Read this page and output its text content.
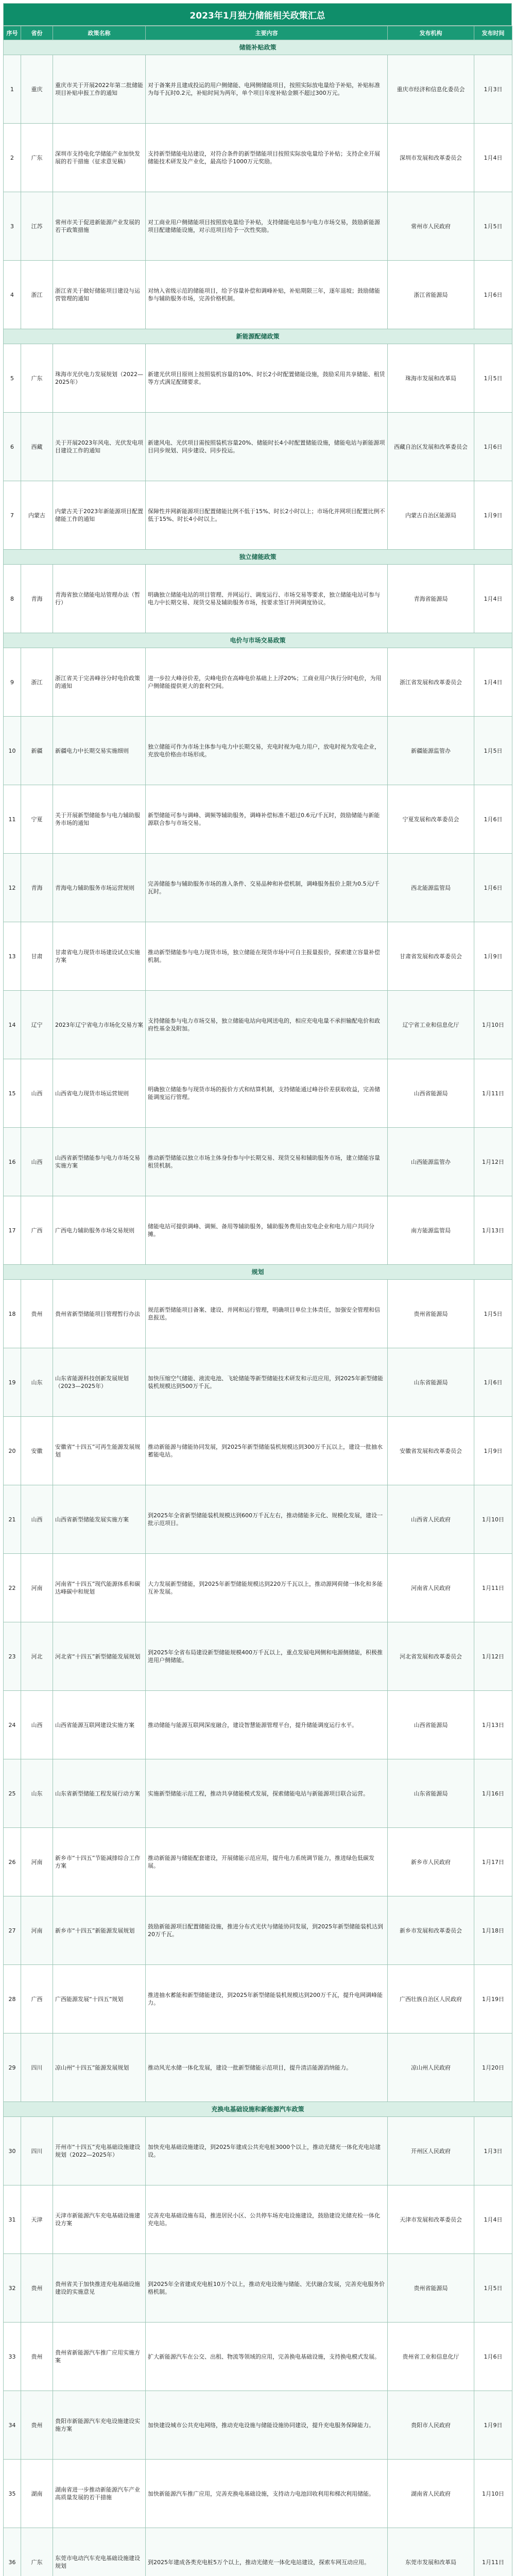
2023年1月独力储能相关政策汇总
序号	省份	政策名称	主要内容	发布机构	发布时间
储能补贴政策					
1	重庆	重庆市关于开展2022年第二批储能项目补贴申报工作的通知	对于备案并且建成投运的用户侧储能、电网侧储能项目，按照实际放电量给予补贴，补贴标准为每千瓦时0.2元，补贴时间为两年，单个项目年度补贴金额不超过300万元。	重庆市经济和信息化委员会	1月3日
2	广东	深圳市支持电化学储能产业加快发展的若干措施（征求意见稿）	支持新型储能电站建设，对符合条件的新型储能项目按照实际放电量给予补贴；支持企业开展储能技术研发及产业化，最高给予1000万元奖励。	深圳市发展和改革委员会	1月4日
3	江苏	常州市关于促进新能源产业发展的若干政策措施	对工商业用户侧储能项目按照放电量给予补贴，支持储能电站参与电力市场交易，鼓励新能源项目配建储能设施，对示范项目给予一次性奖励。	常州市人民政府	1月5日
4	浙江	浙江省关于做好储能项目建设与运营管理的通知	对纳入省级示范的储能项目，给予容量补偿和调峰补贴，补贴期限三年，逐年退坡；鼓励储能参与辅助服务市场，完善价格机制。	浙江省能源局	1月6日
新能源配储政策					
5	广东	珠海市光伏电力发展规划（2022—2025年）	新建光伏项目原则上按照装机容量的10%、时长2小时配置储能设施，鼓励采用共享储能、租赁等方式满足配储要求。	珠海市发展和改革局	1月5日
6	西藏	关于开展2023年风电、光伏发电项目建设工作的通知	新建风电、光伏项目需按照装机容量20%、储能时长4小时配置储能设施，储能电站与新能源项目同步规划、同步建设、同步投运。	西藏自治区发展和改革委员会	1月6日
7	内蒙古	内蒙古关于2023年新能源项目配置储能工作的通知	保障性并网新能源项目配置储能比例不低于15%、时长2小时以上；市场化并网项目配置比例不低于15%、时长4小时以上。	内蒙古自治区能源局	1月9日
独立储能政策					
8	青海	青海省独立储能电站管理办法（暂行）	明确独立储能电站的项目管理、并网运行、调度运行、市场交易等要求，独立储能电站可参与电力中长期交易、现货交易及辅助服务市场，按要求签订并网调度协议。	青海省能源局	1月4日
电价与市场交易政策					
9	浙江	浙江省关于完善峰谷分时电价政策的通知	进一步拉大峰谷价差，尖峰电价在高峰电价基础上上浮20%；工商业用户执行分时电价，为用户侧储能提供更大的套利空间。	浙江省发展和改革委员会	1月4日
10	新疆	新疆电力中长期交易实施细则	独立储能可作为市场主体参与电力中长期交易，充电时视为电力用户，放电时视为发电企业，充放电价格由市场形成。	新疆能源监管办	1月5日
11	宁夏	关于开展新型储能参与电力辅助服务市场的通知	新型储能可参与调峰、调频等辅助服务，调峰补偿标准不超过0.6元/千瓦时，鼓励储能与新能源联合参与市场交易。	宁夏发展和改革委员会	1月6日
12	青海	青海电力辅助服务市场运营规则	完善储能参与辅助服务市场的准入条件、交易品种和补偿机制，调峰服务报价上限为0.5元/千瓦时。	西北能源监管局	1月6日
13	甘肃	甘肃省电力现货市场建设试点实施方案	推动新型储能参与电力现货市场，独立储能在现货市场中可自主报量报价，探索建立容量补偿机制。	甘肃省发展和改革委员会	1月9日
14	辽宁	2023年辽宁省电力市场化交易方案	支持储能参与电力市场交易，独立储能电站向电网送电的，相应充电电量不承担输配电价和政府性基金及附加。	辽宁省工业和信息化厅	1月10日
15	山西	山西省电力现货市场运营规则	明确独立储能参与现货市场的报价方式和结算机制，支持储能通过峰谷价差获取收益，完善储能调度运行管理。	山西省能源局	1月11日
16	山西	山西省新型储能参与电力市场交易实施方案	推动新型储能以独立市场主体身份参与中长期交易、现货交易和辅助服务市场，建立储能容量租赁机制。	山西能源监管办	1月12日
17	广西	广西电力辅助服务市场交易规则	储能电站可提供调峰、调频、备用等辅助服务，辅助服务费用由发电企业和电力用户共同分摊。	南方能源监管局	1月13日
规划					
18	贵州	贵州省新型储能项目管理暂行办法	规范新型储能项目备案、建设、并网和运行管理，明确项目单位主体责任，加强安全管理和信息报送。	贵州省能源局	1月5日
19	山东	山东省能源科技创新发展规划（2023—2025年）	加快压缩空气储能、液流电池、飞轮储能等新型储能技术研发和示范应用，到2025年新型储能装机规模达到500万千瓦。	山东省能源局	1月6日
20	安徽	安徽省“十四五”可再生能源发展规划	推动新能源与储能协同发展，到2025年新型储能装机规模达到300万千瓦以上，建设一批抽水蓄能电站。	安徽省发展和改革委员会	1月9日
21	山西	山西省新型储能发展实施方案	到2025年全省新型储能装机规模达到600万千瓦左右，推动储能多元化、规模化发展，建设一批示范项目。	山西省人民政府	1月10日
22	河南	河南省“十四五”现代能源体系和碳达峰碳中和规划	大力发展新型储能，到2025年新型储能规模达到220万千瓦以上，推动源网荷储一体化和多能互补发展。	河南省人民政府	1月11日
23	河北	河北省“十四五”新型储能发展规划	到2025年全省布局建设新型储能规模400万千瓦以上，重点发展电网侧和电源侧储能，积极推进用户侧储能。	河北省发展和改革委员会	1月12日
24	山西	山西省能源互联网建设实施方案	推动储能与能源互联网深度融合，建设智慧能源管理平台，提升储能调度运行水平。	山西省能源局	1月13日
25	山东	山东省新型储能工程发展行动方案	实施新型储能示范工程，推动共享储能模式发展，探索储能电站与新能源项目联合运营。	山东省能源局	1月16日
26	河南	新乡市“十四五”节能减排综合工作方案	推动新能源与储能配套建设，开展储能示范应用，提升电力系统调节能力，推进绿色低碳发展。	新乡市人民政府	1月17日
27	河南	新乡市“十四五”新能源发展规划	鼓励新能源项目配置储能设施，推进分布式光伏与储能协同发展，到2025年新型储能装机达到20万千瓦。	新乡市发展和改革委员会	1月18日
28	广西	广西能源发展“十四五”规划	推进抽水蓄能和新型储能建设，到2025年新型储能装机规模达到200万千瓦，提升电网调峰能力。	广西壮族自治区人民政府	1月19日
29	四川	凉山州“十四五”能源发展规划	推动风光水储一体化发展，建设一批新型储能示范项目，提升清洁能源消纳能力。	凉山州人民政府	1月20日
充换电基础设施和新能源汽车政策					
30	四川	开州市“十四五”充电基础设施建设规划（2022—2025年）	加快充电基础设施建设，到2025年建成公共充电桩3000个以上，推动光储充一体化充电站建设。	开州区人民政府	1月3日
31	天津	天津市新能源汽车充电基础设施建设方案	完善充电基础设施布局，推进居民小区、公共停车场充电设施建设，鼓励建设光储充检一体化充电站。	天津市发展和改革委员会	1月4日
32	贵州	贵州省关于加快推进充电基础设施建设的实施意见	到2025年全省建成充电桩10万个以上，推动充电设施与储能、光伏融合发展，完善充电服务价格机制。	贵州省能源局	1月5日
33	贵州	贵州省新能源汽车推广应用实施方案	扩大新能源汽车在公交、出租、物流等领域的应用，完善换电基础设施，支持换电模式发展。	贵州省工业和信息化厅	1月6日
34	贵州	贵阳市新能源汽车充电设施建设实施方案	加快建设城市公共充电网络，推动充电设施与储能设施协同建设，提升充电服务保障能力。	贵阳市人民政府	1月9日
35	湖南	湖南省进一步推动新能源汽车产业高质量发展的若干措施	加快新能源汽车推广应用，完善充换电基础设施，支持动力电池回收利用和梯次利用储能。	湖南省人民政府	1月10日
36	广东	东莞市电动汽车充电基础设施建设规划	到2025年建成各类充电桩5万个以上，推动光储充一体化电站建设，探索车网互动应用。	东莞市发展和改革局	1月11日
